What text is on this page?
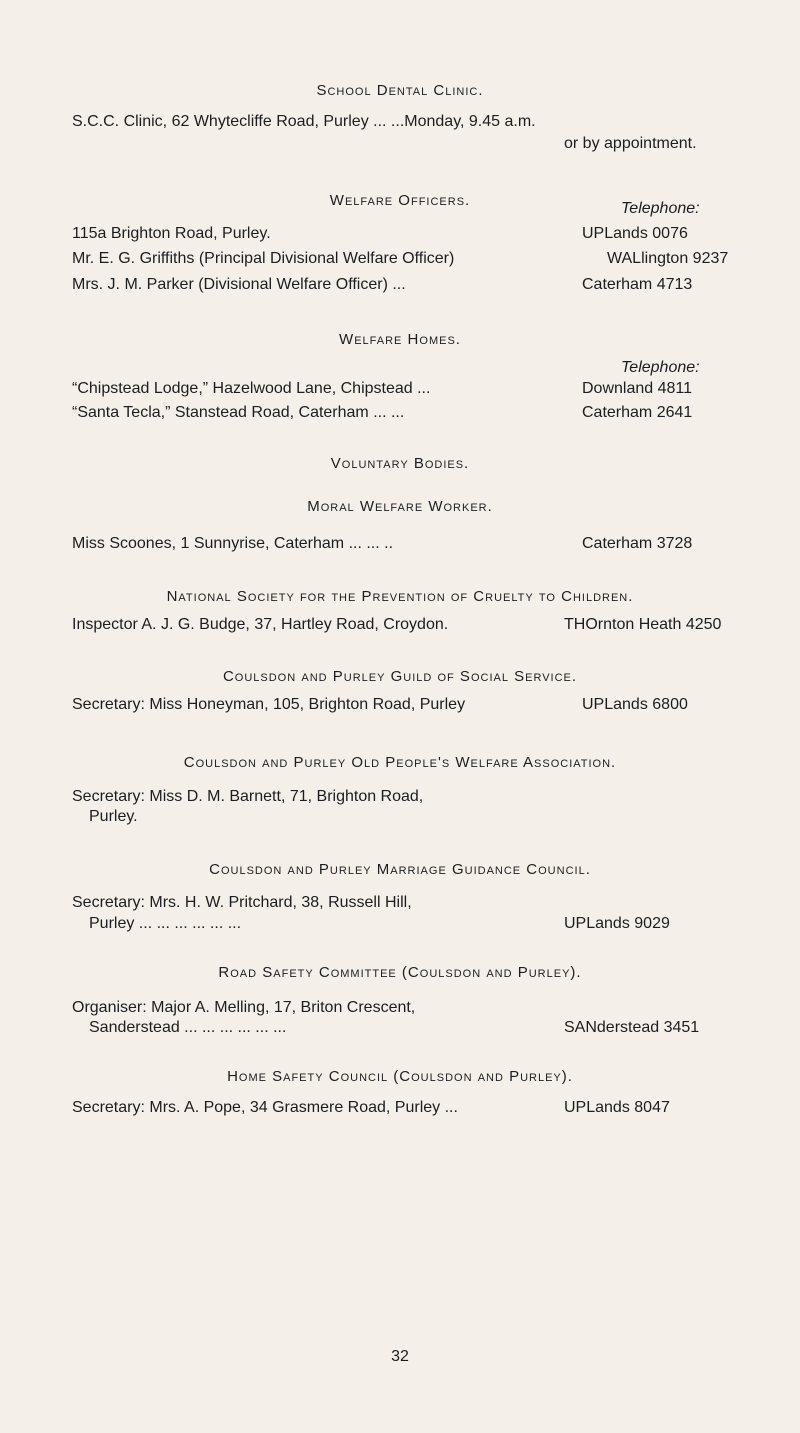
School Dental Clinic.
S.C.C. Clinic, 62 Whytecliffe Road, Purley ... ...Monday, 9.45 a.m.
or by appointment.
Welfare Officers.	Telephone:
115a Brighton Road, Purley.	UPLands 0076
Mr. E. G. Griffiths (Principal Divisional Welfare Officer)	WALlington 9237
Mrs. J. M. Parker (Divisional Welfare Officer) ...	Caterham 4713
Welfare Homes.
Telephone:
“Chipstead Lodge,” Hazelwood Lane, Chipstead ...	Downland 4811
“Santa Tecla,” Stanstead Road, Caterham ... ...	Caterham 2641
Voluntary Bodies.
Moral Welfare Worker.
Miss Scoones, 1 Sunnyrise, Caterham ... ... ..	Caterham 3728
National Society for the Prevention of Cruelty to Children.
Inspector A. J. G. Budge, 37, Hartley Road, Croydon.	THOrnton Heath 4250
Coulsdon and Purley Guild of Social Service.
Secretary: Miss Honeyman, 105, Brighton Road, Purley	UPLands 6800
Coulsdon and Purley Old People's Welfare Association.
Secretary: Miss D. M. Barnett, 71, Brighton Road,
Purley.
Coulsdon and Purley Marriage Guidance Council.
Secretary: Mrs. H. W. Pritchard, 38, Russell Hill,
Purley ... ... ... ... ... ...	UPLands 9029
Road Safety Committee (Coulsdon and Purley).
Organiser: Major A. Melling, 17, Briton Crescent,
Sanderstead ... ... ... ... ... ...	SANderstead 3451
Home Safety Council (Coulsdon and Purley).
Secretary: Mrs. A. Pope, 34 Grasmere Road, Purley ...	UPLands 8047
32
